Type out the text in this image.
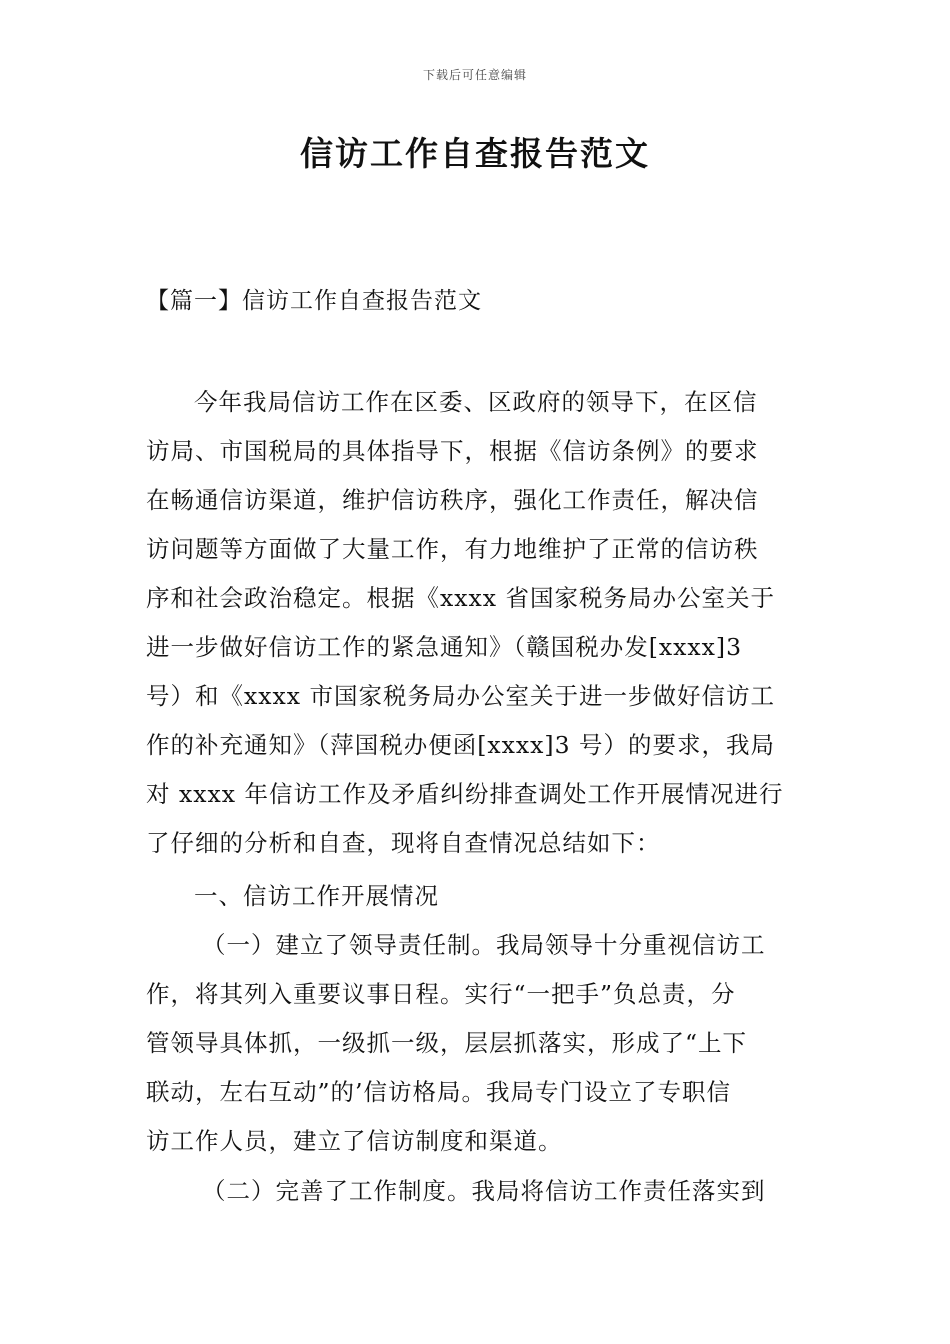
下载后可任意编辑
信访工作自查报告范文
【篇一】信访工作自查报告范文
今年我局信访工作在区委、区政府的领导下，在区信
访局、市国税局的具体指导下，根据《信访条例》的要求
在畅通信访渠道，维护信访秩序，强化工作责任，解决信
访问题等方面做了大量工作，有力地维护了正常的信访秩
序和社会政治稳定。根据《xxxx 省国家税务局办公室关于
进一步做好信访工作的紧急通知》（赣国税办发[xxxx]3
号）和《xxxx 市国家税务局办公室关于进一步做好信访工
作的补充通知》（萍国税办便函[xxxx]3 号）的要求，我局
对 xxxx 年信访工作及矛盾纠纷排查调处工作开展情况进行
了仔细的分析和自查，现将自查情况总结如下：
一、信访工作开展情况
（一）建立了领导责任制。我局领导十分重视信访工
作，将其列入重要议事日程。实行“一把手”负总责，分
管领导具体抓，一级抓一级，层层抓落实，形成了“上下
联动，左右互动”的’信访格局。我局专门设立了专职信
访工作人员，建立了信访制度和渠道。
（二）完善了工作制度。我局将信访工作责任落实到
